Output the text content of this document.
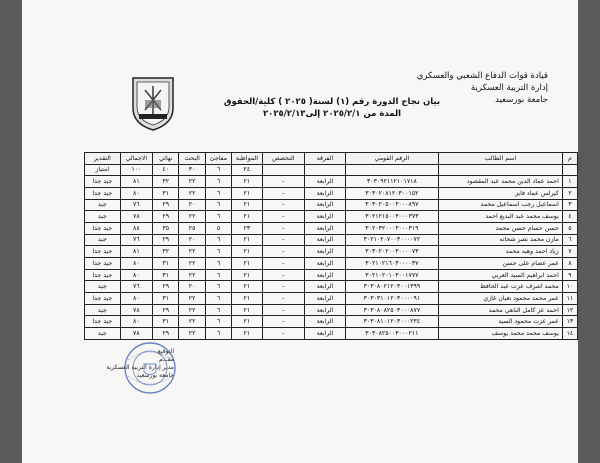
قيادة قوات الدفاع الشعبي والعسكري
إدارة التربية العسكرية
جامعة بورسعيد
بيان نجاح الدورة رقم (١) لسنة( ٢٠٢٥ ) كلية/الحقوق
المدة من ٢٠٢٥/٢/١ إلى٢٠٢٥/٢/١٣
م	اسم الطالب	الرقم القومي	الفرقة	التخصص	المواظبة	مفاجئ	البحث	نهائي	الاجمالي	التقدير
					٢٤	٦	٣٠	٤٠	١٠٠	امتياز
١	احمد عماد الدين محمد عبد المقصود	٣٠٣٠٩٢١١٢١٠١٧١٨	الرابعة	-	٢١	٦	٢٢	٣٢	٨١	جيد جدا
٢	كيرلس عماد فايز	٣٠٣٠٢٠٨١٢٠٣٠٠١٥٢	الرابعة	-	٢١	٦	٢٢	٣١	٨٠	جيد جدا
٣	اسماعيل رجب اسماعيل محمد	٣٠٣٠٢٠٥٠٠٣٠٠٠٨٩٧	الرابعة	-	٢١	٦	٢٠	٢٩	٧٦	جيد
٤	يوسف محمد عبد البديع احمد	٣٠٢١٢١٥٠٠٣٠٠٠٣٧٣	الرابعة	-	٢١	٦	٢٢	٢٩	٧٨	جيد
٥	حسن حسام حسن محمد	٣٠٢٠٣٢٠٠٠٣٠٠٠٣١٩	الرابعة	-	٢٣	٥	٢٥	٣٥	٨٨	جيد جدا
٦	مازن محمد نصر شحاته	٣٠٢١٠٢٠٧٠٠٣٠٠٠٠٧٢	الرابعة	-	٢١	٦	٢٠	٢٩	٧٦	جيد
٧	زياد احمد وهيه محمد	٣٠٣٠٢٠٢٠٠٣٠٠٠٠٧٣	الرابعة	-	٢١	٦	٢٢	٣٢	٨١	جيد جدا
٨	عمر عصام على حسن	٣٠٢١٠٢١٦٠٣٠٠٠٠٣٧	الرابعة	-	٢١	٦	٢٢	٣١	٨٠	جيد جدا
٩	احمد ابراهيم السيد العربي	٣٠٢١٠٢٠١٠٣٠٠١٧٧٧	الرابعة	-	٢١	٦	٢٢	٣١	٨٠	جيد جدا
١٠	محمد اشرف عزت عبد الحافظ	٣٠٣٠٨٠٢١٢٠٣٠٠١٣٩٩	الرابعة	-	٢١	٦	٢٠	٢٩	٧٦	جيد
١١	عمر محمد محمود تغيان غازي	٣٠٣٠٣١٠١٢٠٣٠٠٠٠٩١	الرابعة	-	٢١	٦	٢٢	٣١	٨٠	جيد جدا
١٢	احمد عز كامل الناهي محمد	٣٠٣٠٨٠٨٢٥٠٣٠٠٠٨٧٧	الرابعة	-	٢١	٦	٢٢	٢٩	٧٨	جيد
١٣	عمر عزت محمود السيد	٣٠٣٠٨١٠١٢٠٣٠٠٠٢٣٤	الرابعة	-	٢١	٦	٢٢	٣١	٨٠	جيد جدا
١٤	يوسف محمد محمد يوسف	٣٠٣٠٨٢٥٠٠٣٠٠٠٢١١	الرابعة	-	٢١	٦	٢٢	٢٩	٧٨	جيد
التوقيع
مقـدم
مدير إدارة التربية العسكرية
جامعة بورسعيد
